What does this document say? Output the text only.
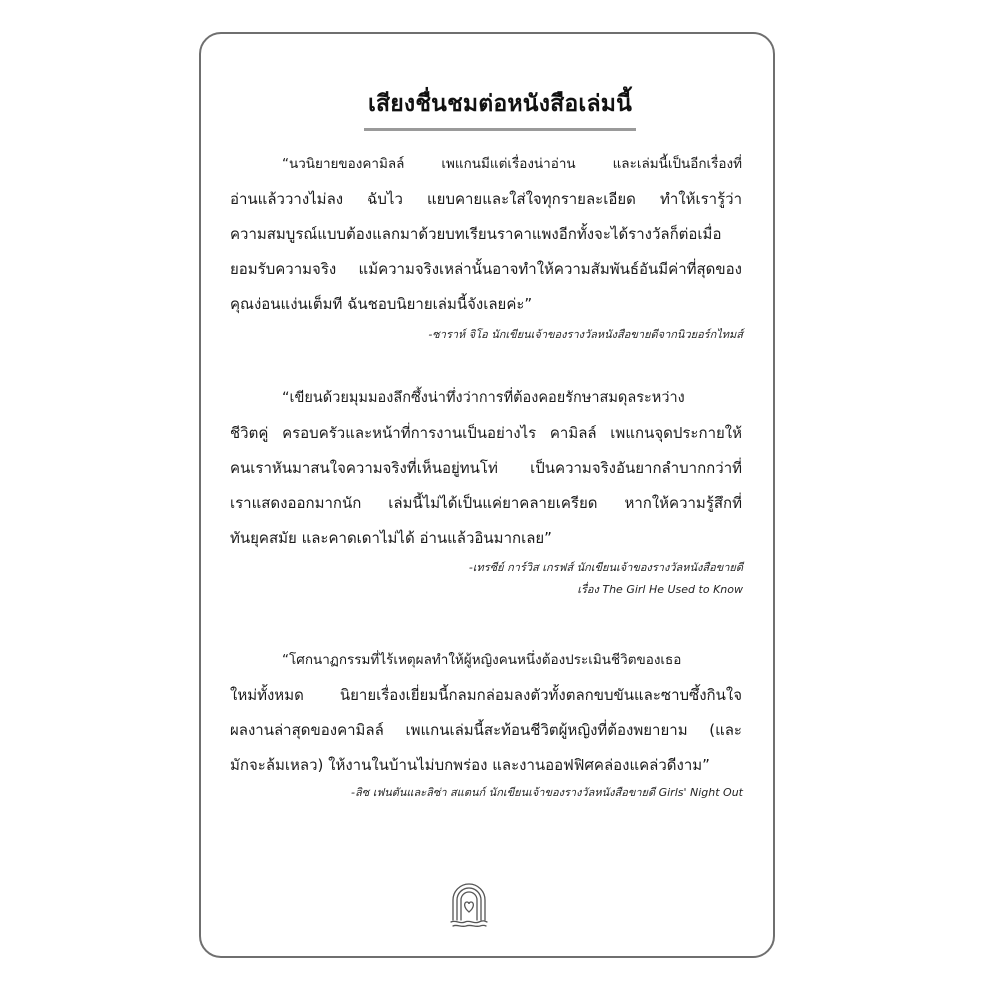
เสียงชื่นชมต่อหนังสือเล่มนี้
“นวนิยายของคามิลล์ เพแกนมีแต่เรื่องน่าอ่าน และเล่มนี้เป็นอีกเรื่องที่
อ่านแล้ววางไม่ลง ฉับไว แยบคายและใส่ใจทุกรายละเอียด ทำให้เรารู้ว่า
ความสมบูรณ์แบบต้องแลกมาด้วยบทเรียนราคาแพงอีกทั้งจะได้รางวัลก็ต่อเมื่อ
ยอมรับความจริง แม้ความจริงเหล่านั้นอาจทำให้ความสัมพันธ์อันมีค่าที่สุดของ
คุณง่อนแง่นเต็มที ฉันชอบนิยายเล่มนี้จังเลยค่ะ”
-ซาราห์ จิโอ นักเขียนเจ้าของรางวัลหนังสือขายดีจากนิวยอร์กไทมส์
“เขียนด้วยมุมมองลึกซึ้งน่าทึ่งว่าการที่ต้องคอยรักษาสมดุลระหว่าง
ชีวิตคู่ ครอบครัวและหน้าที่การงานเป็นอย่างไร คามิลล์ เพแกนจุดประกายให้
คนเราหันมาสนใจความจริงที่เห็นอยู่ทนโท่ เป็นความจริงอันยากลำบากกว่าที่
เราแสดงออกมากนัก เล่มนี้ไม่ได้เป็นแค่ยาคลายเครียด หากให้ความรู้สึกที่
ทันยุคสมัย และคาดเดาไม่ได้ อ่านแล้วอินมากเลย”
-เทรซีย์ การ์วิส เกรฟส์ นักเขียนเจ้าของรางวัลหนังสือขายดี
เรื่อง The Girl He Used to Know
“โศกนาฏกรรมที่ไร้เหตุผลทำให้ผู้หญิงคนหนึ่งต้องประเมินชีวิตของเธอ
ใหม่ทั้งหมด นิยายเรื่องเยี่ยมนี้กลมกล่อมลงตัวทั้งตลกขบขันและซาบซึ้งกินใจ
ผลงานล่าสุดของคามิลล์ เพแกนเล่มนี้สะท้อนชีวิตผู้หญิงที่ต้องพยายาม (และ
มักจะล้มเหลว) ให้งานในบ้านไม่บกพร่อง และงานออฟฟิศคล่องแคล่วดีงาม”
-ลิซ เฟนตันและลิซ่า สแตนก์ นักเขียนเจ้าของรางวัลหนังสือขายดี Girls' Night Out
